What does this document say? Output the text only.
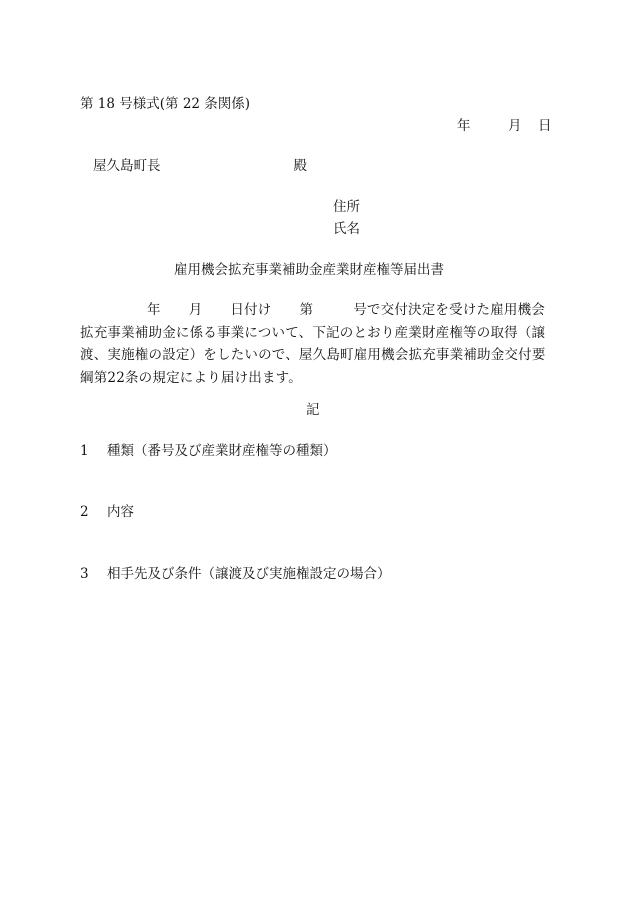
第 18 号様式(第 22 条関係)
年	月 日
屋久島町長	殿
住所
氏名
雇用機会拡充事業補助金産業財産権等届出書
年 月 日付け 第	号で交付決定を受けた雇用機会拡充事業補助金に係る事業について、下記のとおり産業財産権等の取得（譲渡、実施権の設定）をしたいので、屋久島町雇用機会拡充事業補助金交付要綱第22条の規定により届け出ます。
記
1 種類（番号及び産業財産権等の種類）
2 内容
3 相手先及び条件（譲渡及び実施権設定の場合）
